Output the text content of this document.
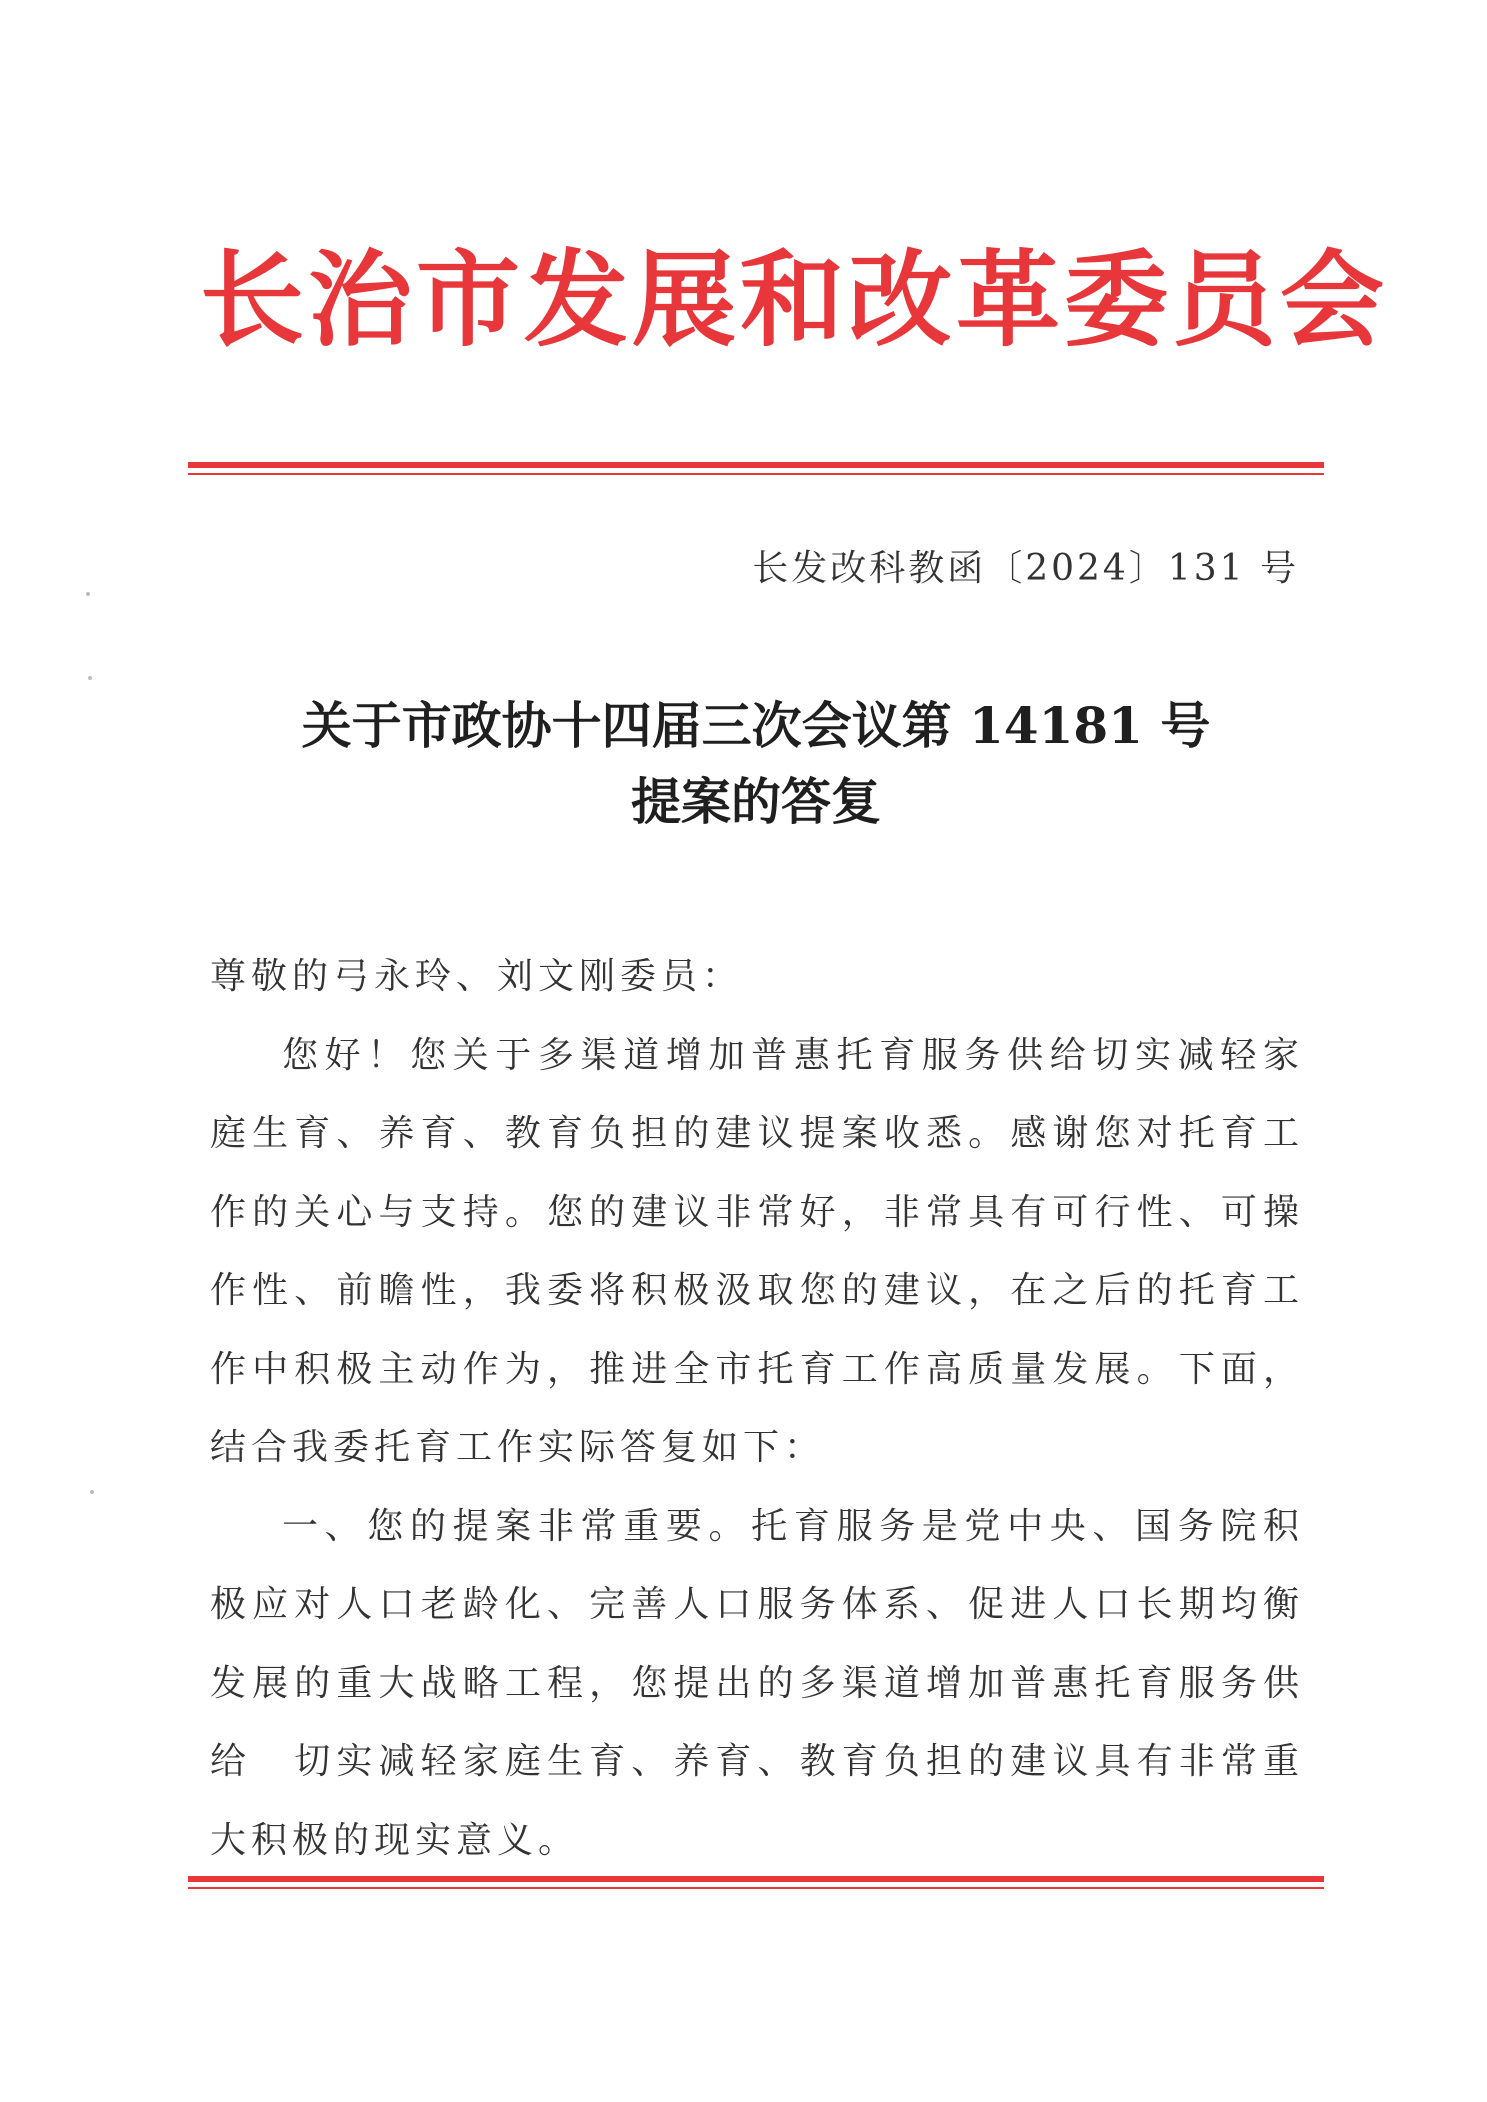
长治市发展和改革委员会
长发改科教函〔2024〕131 号
关于市政协十四届三次会议第 14181 号
提案的答复
尊敬的弓永玲、刘文刚委员：
您好！您关于多渠道增加普惠托育服务供给切实减轻家庭生育、养育、教育负担的建议提案收悉。感谢您对托育工作的关心与支持。您的建议非常好，非常具有可行性、可操作性、前瞻性，我委将积极汲取您的建议，在之后的托育工作中积极主动作为，推进全市托育工作高质量发展。下面，结合我委托育工作实际答复如下：
一、您的提案非常重要。托育服务是党中央、国务院积极应对人口老龄化、完善人口服务体系、促进人口长期均衡发展的重大战略工程，您提出的多渠道增加普惠托育服务供给　切实减轻家庭生育、养育、教育负担的建议具有非常重大积极的现实意义。
